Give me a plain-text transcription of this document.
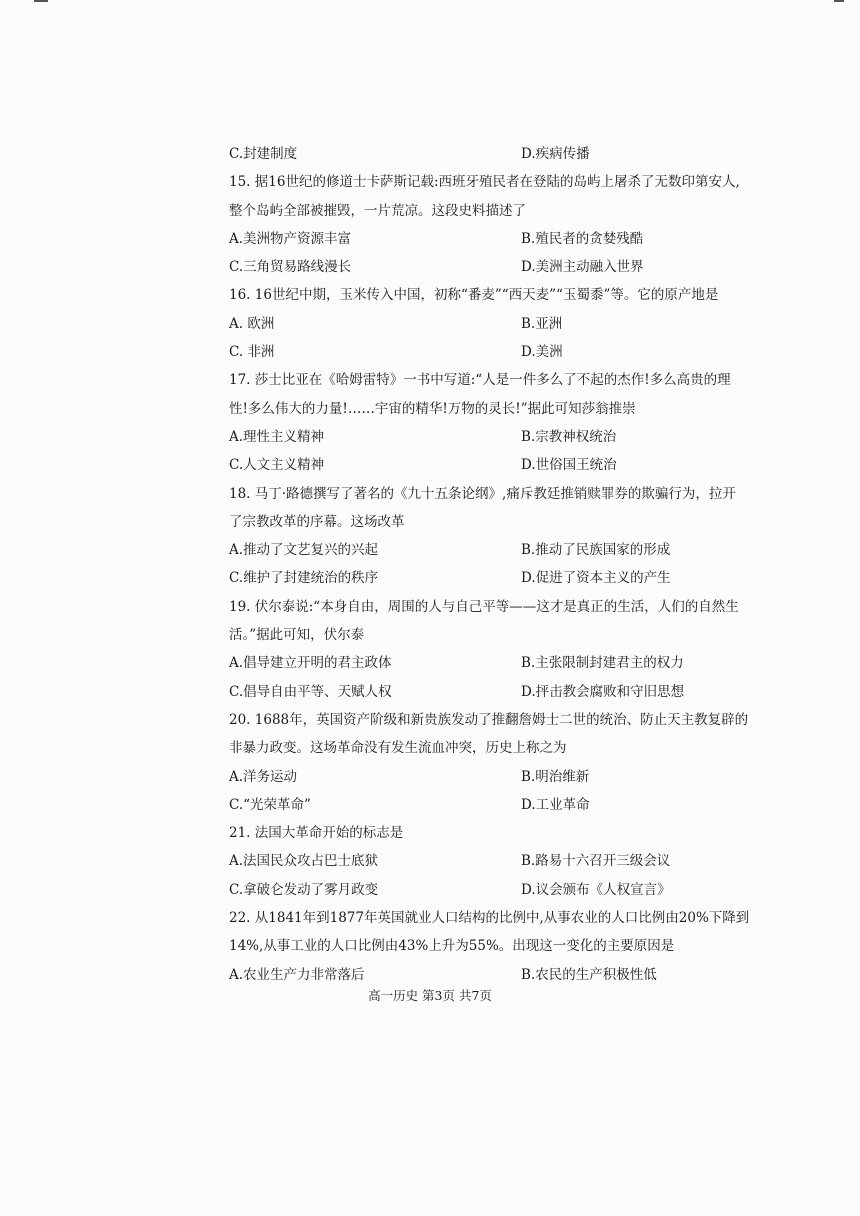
C.封建制度	D.疾病传播
15. 据16世纪的修道士卡萨斯记载:西班牙殖民者在登陆的岛屿上屠杀了无数印第安人,
整个岛屿全部被摧毁，一片荒凉。这段史料描述了
A.美洲物产资源丰富	B.殖民者的贪婪残酷
C.三角贸易路线漫长	D.美洲主动融入世界
16. 16世纪中期，玉米传入中国，初称“番麦”“西天麦”“玉蜀黍”等。它的原产地是
A. 欧洲	B.亚洲
C. 非洲	D.美洲
17. 莎士比亚在《哈姆雷特》一书中写道:“人是一件多么了不起的杰作!多么高贵的理
性!多么伟大的力量!……宇宙的精华!万物的灵长!”据此可知莎翁推崇
A.理性主义精神	B.宗教神权统治
C.人文主义精神	D.世俗国王统治
18. 马丁·路德撰写了著名的《九十五条论纲》,痛斥教廷推销赎罪券的欺骗行为，拉开
了宗教改革的序幕。这场改革
A.推动了文艺复兴的兴起	B.推动了民族国家的形成
C.维护了封建统治的秩序	D.促进了资本主义的产生
19. 伏尔泰说:“本身自由，周围的人与自己平等——这才是真正的生活，人们的自然生
活。”据此可知，伏尔泰
A.倡导建立开明的君主政体	B.主张限制封建君主的权力
C.倡导自由平等、天赋人权	D.抨击教会腐败和守旧思想
20. 1688年，英国资产阶级和新贵族发动了推翻詹姆士二世的统治、防止天主教复辟的
非暴力政变。这场革命没有发生流血冲突，历史上称之为
A.洋务运动	B.明治维新
C.“光荣革命”	D.工业革命
21. 法国大革命开始的标志是
A.法国民众攻占巴士底狱	B.路易十六召开三级会议
C.拿破仑发动了雾月政变	D.议会颁布《人权宣言》
22. 从1841年到1877年英国就业人口结构的比例中,从事农业的人口比例由20%下降到
14%,从事工业的人口比例由43%上升为55%。出现这一变化的主要原因是
A.农业生产力非常落后	B.农民的生产积极性低
高一历史 第3页 共7页
